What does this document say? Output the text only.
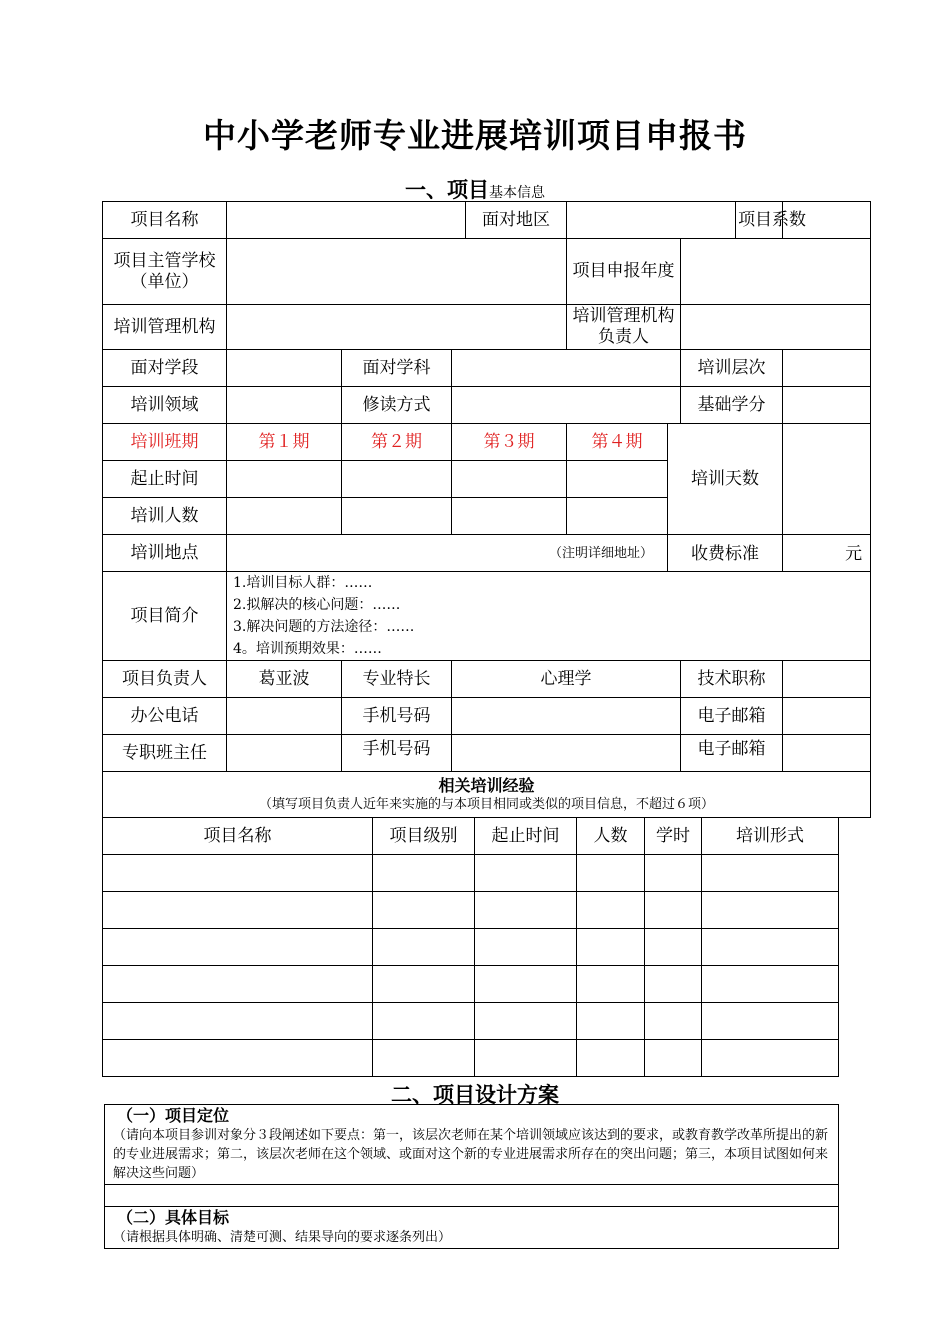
中小学老师专业进展培训项目申报书
一、项目基本信息
项目名称				面对地区				项目系数	
项目主管学校（单位）					项目申报年度				
培训管理机构					培训管理机构负责人				
面对学段		面对学科					培训层次		
培训领域		修读方式					基础学分		
培训班期	第１期	第２期	第３期		第４期	培训天数			
起止时间									
培训人数									
培训地点	（注明详细地址）					收费标准			元
项目简介	1.培训目标人群：……
2.拟解决的核心问题：……
3.解决问题的方法途径：……
4。培训预期效果：……								

项目负责人	葛亚波	专业特长	心理学				技术职称		
办公电话		手机号码					电子邮箱		
专职班主任		手机号码					电子邮箱		

相关培训经验
（填写项目负责人近年来实施的与本项目相同或类似的项目信息，不超过６项）									
项目名称	项目级别	起止时间	人数	学时	培训形式

二、项目设计方案
（一）项目定位
（请向本项目参训对象分３段阐述如下要点：第一，该层次老师在某个培训领域应该达到的要求，或教育教学改革所提出的新的专业进展需求；第二，该层次老师在这个领域、或面对这个新的专业进展需求所存在的突出问题；第三，本项目试图如何来解决这些问题）

（二）具体目标
（请根据具体明确、清楚可测、结果导向的要求逐条列出）
